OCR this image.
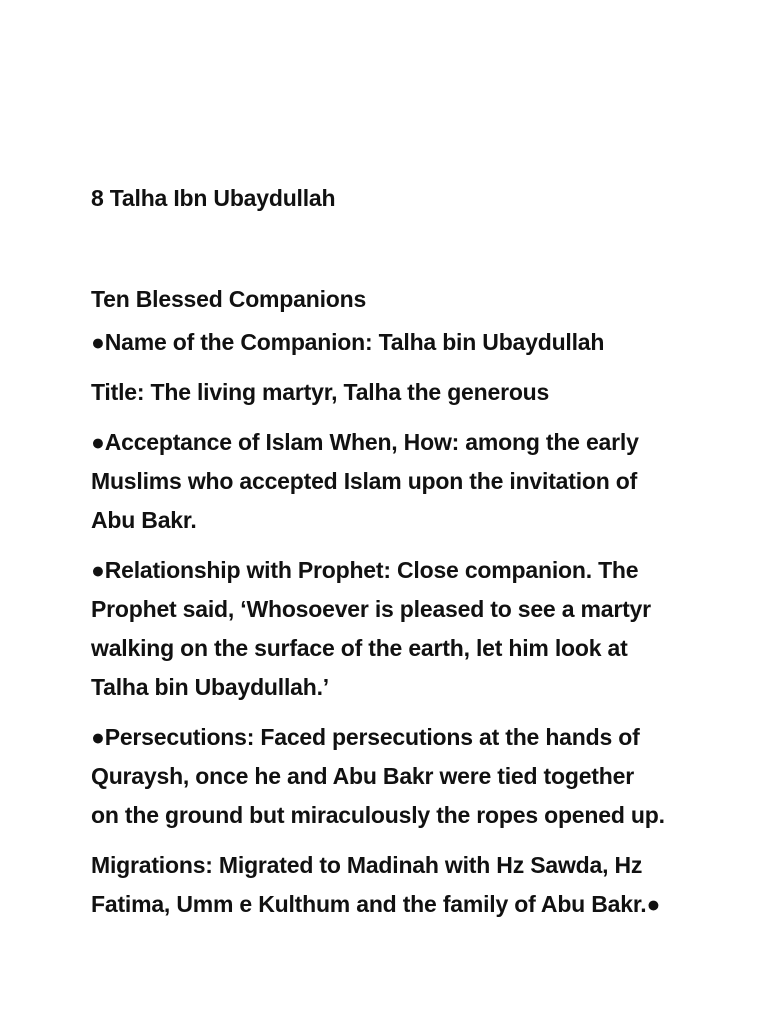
8 Talha Ibn Ubaydullah

Ten Blessed Companions

●Name of the Companion: Talha bin Ubaydullah

Title: The living martyr, Talha the generous

●Acceptance of Islam When, How: among the early
Muslims who accepted Islam upon the invitation of
Abu Bakr.

●Relationship with Prophet: Close companion. The
Prophet said, ‘Whosoever is pleased to see a martyr
walking on the surface of the earth, let him look at
Talha bin Ubaydullah.’

●Persecutions: Faced persecutions at the hands of
Quraysh, once he and Abu Bakr were tied together
on the ground but miraculously the ropes opened up.

Migrations: Migrated to Madinah with Hz Sawda, Hz
Fatima, Umm e Kulthum and the family of Abu Bakr.●
